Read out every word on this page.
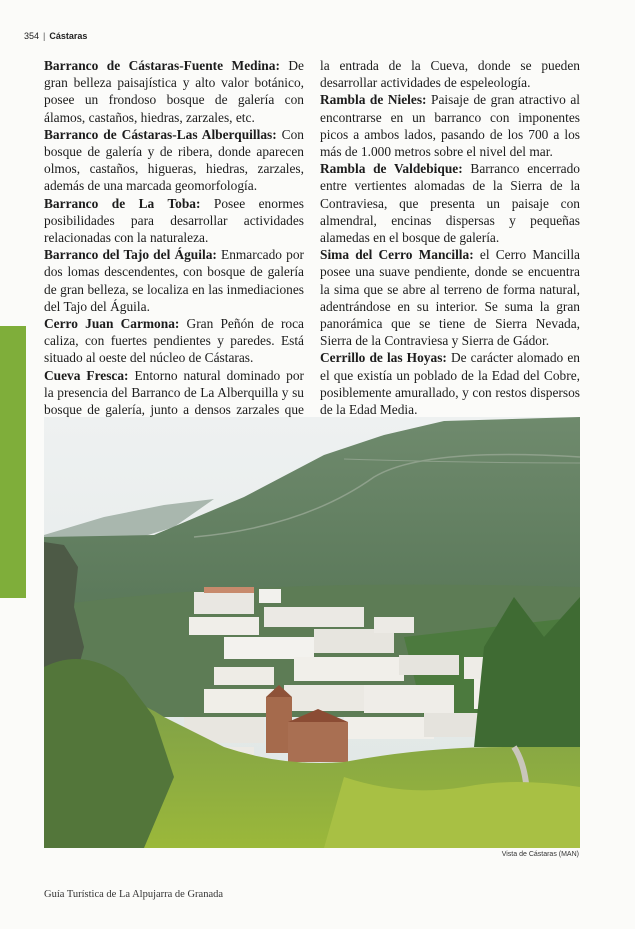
354 | Cástaras

Barranco de Cástaras-Fuente Medina: De gran belleza paisajística y alto valor botánico, posee un frondoso bosque de galería con álamos, castaños, hiedras, zarzales, etc.

Barranco de Cástaras-Las Alberquillas: Con bosque de galería y de ribera, donde aparecen olmos, castaños, higueras, hiedras, zarzales, además de una marcada geomorfología.

Barranco de La Toba: Posee enormes posibilidades para desarrollar actividades relacionadas con la naturaleza.

Barranco del Tajo del Águila: Enmarcado por dos lomas descendentes, con bosque de galería de gran belleza, se localiza en las inmediaciones del Tajo del Águila.

Cerro Juan Carmona: Gran Peñón de roca caliza, con fuertes pendientes y paredes. Está situado al oeste del núcleo de Cástaras.

Cueva Fresca: Entorno natural dominado por la presencia del Barranco de La Alberquilla y su bosque de galería, junto a densos zarzales que

la entrada de la Cueva, donde se pueden desarrollar actividades de espeleología.

Rambla de Nieles: Paisaje de gran atractivo al encontrarse en un barranco con imponentes picos a ambos lados, pasando de los 700 a los más de 1.000 metros sobre el nivel del mar.

Rambla de Valdebique: Barranco encerrado entre vertientes alomadas de la Sierra de la Contraviesa, que presenta un paisaje con almendral, encinas dispersas y pequeñas alamedas en el bosque de galería.

Sima del Cerro Mancilla: el Cerro Mancilla posee una suave pendiente, donde se encuentra la sima que se abre al terreno de forma natural, adentrándose en su interior. Se suma la gran panorámica que se tiene de Sierra Nevada, Sierra de la Contraviesa y Sierra de Gádor.

Cerrillo de las Hoyas: De carácter alomado en el que existía un poblado de la Edad del Cobre, posiblemente amurallado, y con restos dispersos de la Edad Media.

Vista de Cástaras (MAN)
Guía Turística de La Alpujarra de Granada
